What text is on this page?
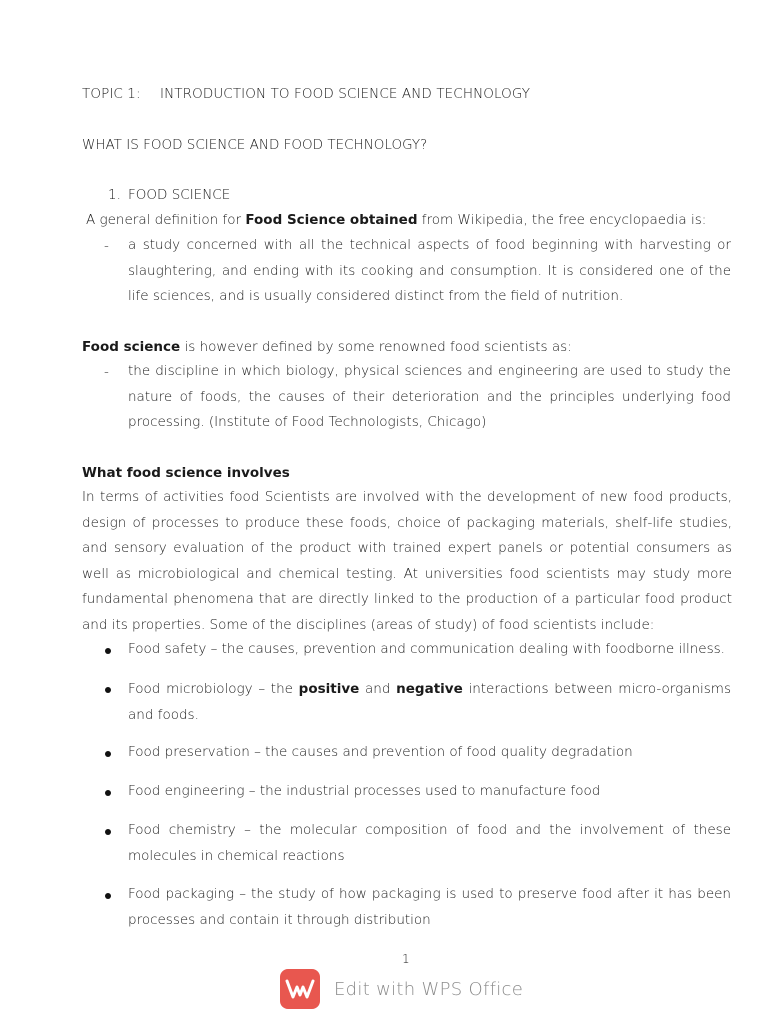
TOPIC 1: INTRODUCTION TO FOOD SCIENCE AND TECHNOLOGY
WHAT IS FOOD SCIENCE AND FOOD TECHNOLOGY?
1. FOOD SCIENCE
A general definition for Food Science obtained from Wikipedia, the free encyclopaedia is:
- a study concerned with all the technical aspects of food beginning with harvesting or slaughtering, and ending with its cooking and consumption. It is considered one of the life sciences, and is usually considered distinct from the field of nutrition.
Food science is however defined by some renowned food scientists as:
- the discipline in which biology, physical sciences and engineering are used to study the nature of foods, the causes of their deterioration and the principles underlying food processing. (Institute of Food Technologists, Chicago)
What food science involves
In terms of activities food Scientists are involved with the development of new food products, design of processes to produce these foods, choice of packaging materials, shelf-life studies, and sensory evaluation of the product with trained expert panels or potential consumers as well as microbiological and chemical testing. At universities food scientists may study more fundamental phenomena that are directly linked to the production of a particular food product and its properties. Some of the disciplines (areas of study) of food scientists include:
Food safety – the causes, prevention and communication dealing with foodborne illness.
Food microbiology – the positive and negative interactions between micro-organisms and foods.
Food preservation – the causes and prevention of food quality degradation
Food engineering – the industrial processes used to manufacture food
Food chemistry – the molecular composition of food and the involvement of these molecules in chemical reactions
Food packaging – the study of how packaging is used to preserve food after it has been processes and contain it through distribution
1
Edit with WPS Office
